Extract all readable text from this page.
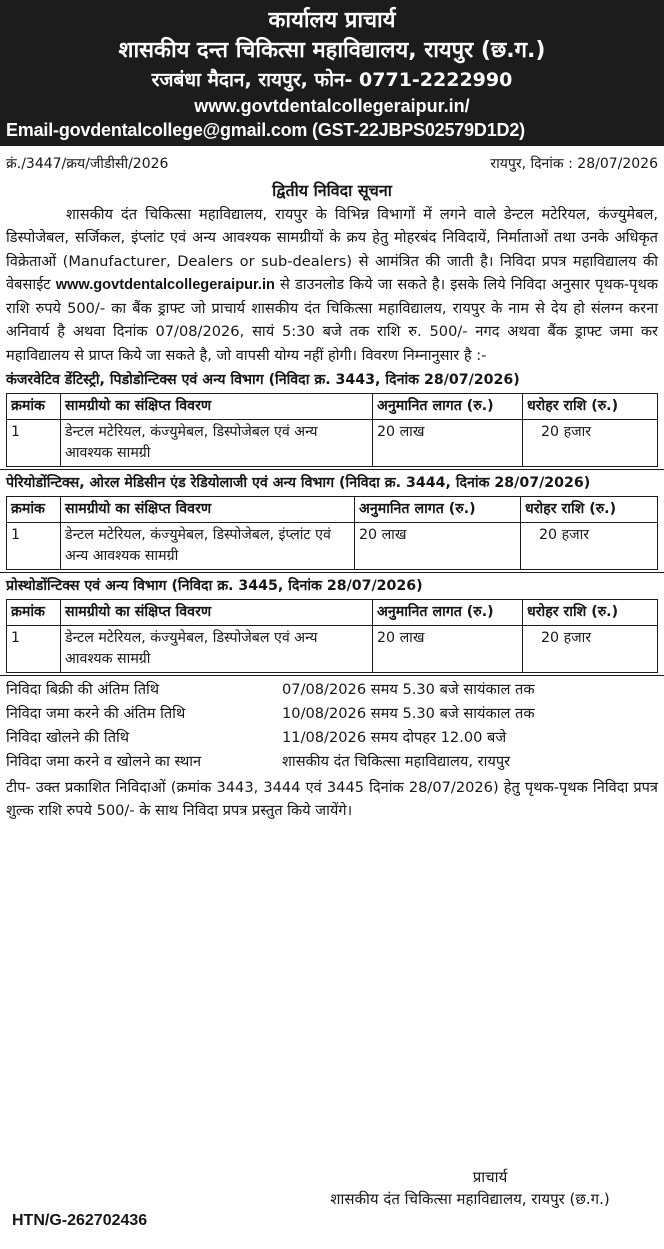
कार्यालय प्राचार्य
शासकीय दन्त चिकित्सा महाविद्यालय, रायपुर (छ.ग.)
रजबंधा मैदान, रायपुर, फोन- 0771-2222990
www.govtdentalcollegeraipur.in/
Email-govdentalcollege@gmail.com (GST-22JBPS02579D1D2)
क्रं./3447/क्रय/जीडीसी/2026	रायपुर, दिनांक : 28/07/2026
द्वितीय निविदा सूचना
शासकीय दंत चिकित्सा महाविद्यालय, रायपुर के विभिन्न विभागों में लगने वाले डेन्टल मटेरियल, कंज्युमेबल, डिस्पोजेबल, सर्जिकल, इंप्लांट एवं अन्य आवश्यक सामग्रीयों के क्रय हेतु मोहरबंद निविदायें, निर्माताओं तथा उनके अधिकृत विक्रेताओं (Manufacturer, Dealers or sub-dealers) से आमंत्रित की जाती है। निविदा प्रपत्र महाविद्यालय की वेबसाईट www.govtdentalcollegeraipur.in से डाउनलोड किये जा सकते है। इसके लिये निविदा अनुसार पृथक-पृथक राशि रुपये 500/- का बैंक ड्राफ्ट जो प्राचार्य शासकीय दंत चिकित्सा महाविद्यालय, रायपुर के नाम से देय हो संलग्न करना अनिवार्य है अथवा दिनांक 07/08/2026, सायं 5:30 बजे तक राशि रु. 500/- नगद अथवा बैंक ड्राफ्ट जमा कर महाविद्यालय से प्राप्त किये जा सकते है, जो वापसी योग्य नहीं होगी। विवरण निम्नानुसार है :-
कंजरवेटिव डेंटिस्ट्री, पिडोडोन्टिक्स एवं अन्य विभाग (निविदा क्र. 3443, दिनांक 28/07/2026)
क्रमांक	सामग्रीयो का संक्षिप्त विवरण	अनुमानित लागत (रु.)	धरोहर राशि (रु.)
1	डेन्टल मटेरियल, कंज्युमेबल, डिस्पोजेबल एवं अन्य आवश्यक सामग्री	20 लाख	20 हजार
पेरियोडोंन्टिक्स, ओरल मेडिसीन एंड रेडियोलाजी एवं अन्य विभाग (निविदा क्र. 3444, दिनांक 28/07/2026)
क्रमांक	सामग्रीयो का संक्षिप्त विवरण	अनुमानित लागत (रु.)	धरोहर राशि (रु.)
1	डेन्टल मटेरियल, कंज्युमेबल, डिस्पोजेबल, इंप्लांट एवं अन्य आवश्यक सामग्री	20 लाख	20 हजार
प्रोस्थोडोंन्टिक्स एवं अन्य विभाग (निविदा क्र. 3445, दिनांक 28/07/2026)
क्रमांक	सामग्रीयो का संक्षिप्त विवरण	अनुमानित लागत (रु.)	धरोहर राशि (रु.)
1	डेन्टल मटेरियल, कंज्युमेबल, डिस्पोजेबल एवं अन्य आवश्यक सामग्री	20 लाख	20 हजार
निविदा बिक्री की अंतिम तिथि	07/08/2026 समय 5.30 बजे सायंकाल तक
निविदा जमा करने की अंतिम तिथि	10/08/2026 समय 5.30 बजे सायंकाल तक
निविदा खोलने की तिथि	11/08/2026 समय दोपहर 12.00 बजे
निविदा जमा करने व खोलने का स्थान	शासकीय दंत चिकित्सा महाविद्यालय, रायपुर
टीप- उक्त प्रकाशित निविदाओं (क्रमांक 3443, 3444 एवं 3445 दिनांक 28/07/2026) हेतु पृथक-पृथक निविदा प्रपत्र शुल्क राशि रुपये 500/- के साथ निविदा प्रपत्र प्रस्तुत किये जायेंगे।
प्राचार्य
शासकीय दंत चिकित्सा महाविद्यालय, रायपुर (छ.ग.)
HTN/G-262702436
